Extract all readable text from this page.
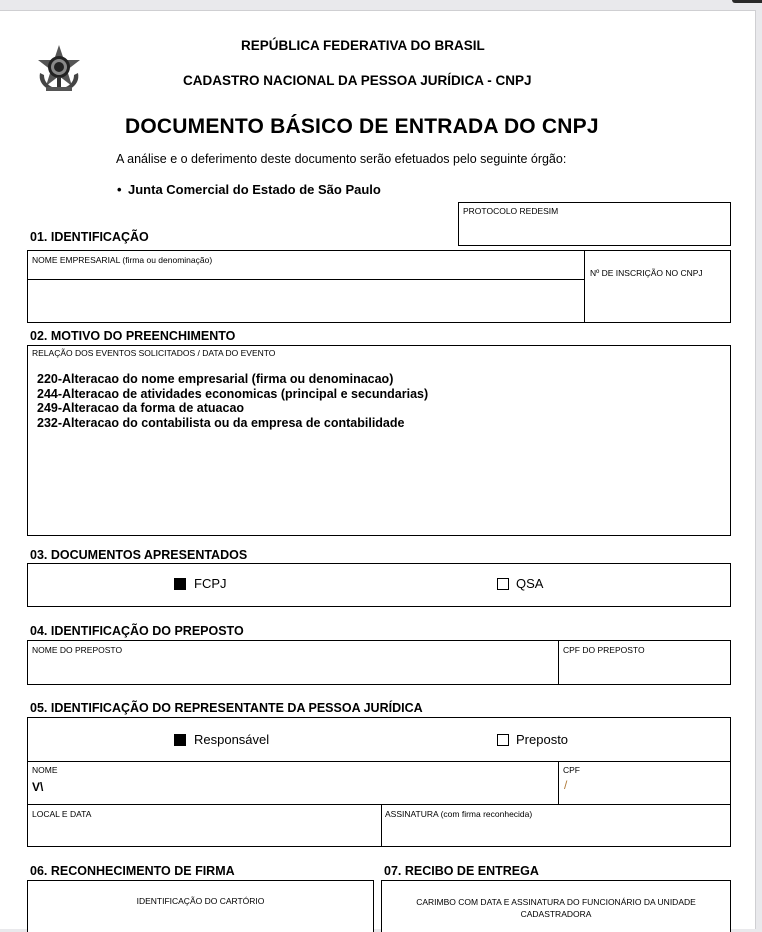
REPÚBLICA FEDERATIVA DO BRASIL
CADASTRO NACIONAL DA PESSOA JURÍDICA - CNPJ
DOCUMENTO BÁSICO DE ENTRADA DO CNPJ
A análise e o deferimento deste documento serão efetuados pelo seguinte órgão:
• Junta Comercial do Estado de São Paulo
PROTOCOLO REDESIM
01. IDENTIFICAÇÃO
NOME EMPRESARIAL (firma ou denominação)
Nº DE INSCRIÇÃO NO CNPJ
02. MOTIVO DO PREENCHIMENTO
RELAÇÃO DOS EVENTOS SOLICITADOS / DATA DO EVENTO
220-Alteracao do nome empresarial (firma ou denominacao)
244-Alteracao de atividades economicas (principal e secundarias)
249-Alteracao da forma de atuacao
232-Alteracao do contabilista ou da empresa de contabilidade
03. DOCUMENTOS APRESENTADOS
FCPJ	QSA
04. IDENTIFICAÇÃO DO PREPOSTO
NOME DO PREPOSTO	CPF DO PREPOSTO
05. IDENTIFICAÇÃO DO REPRESENTANTE DA PESSOA JURÍDICA
Responsável	Preposto
NOME
V\
CPF
/
LOCAL E DATA	ASSINATURA (com firma reconhecida)
06. RECONHECIMENTO DE FIRMA	07. RECIBO DE ENTREGA
IDENTIFICAÇÃO DO CARTÓRIO	CARIMBO COM DATA E ASSINATURA DO FUNCIONÁRIO DA UNIDADE CADASTRADORA
